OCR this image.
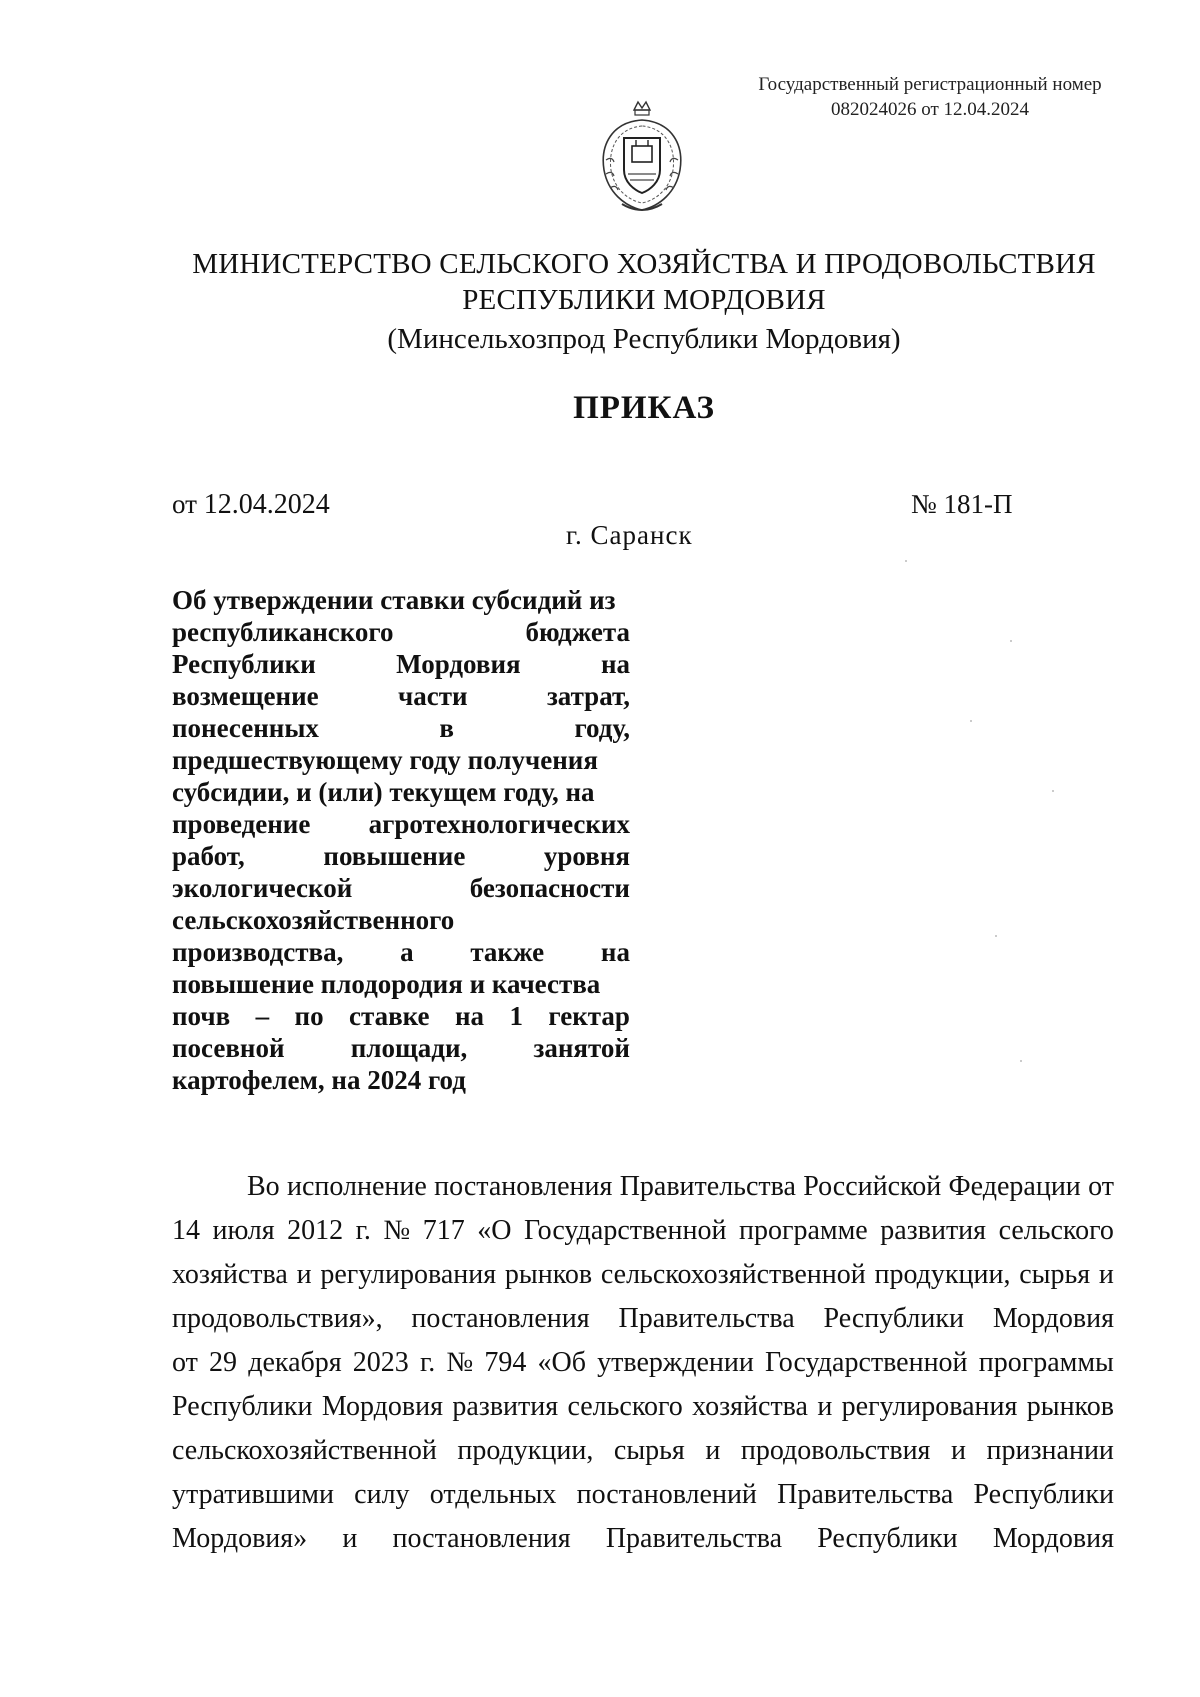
Государственный регистрационный номер
082024026 от 12.04.2024
МИНИСТЕРСТВО СЕЛЬСКОГО ХОЗЯЙСТВА И ПРОДОВОЛЬСТВИЯ
РЕСПУБЛИКИ МОРДОВИЯ
(Минсельхозпрод Республики Мордовия)
ПРИКАЗ
от 12.04.2024	№ 181-П
г. Саранск
Об утверждении ставки субсидий из
республиканского	бюджета
Республики	Мордовия	на
возмещение	части	затрат,
понесенных	в	году,
предшествующему году получения
субсидии, и (или) текущем году, на
проведение агротехнологических
работ,	повышение	уровня
экологической	безопасности
сельскохозяйственного
производства, а также на
повышение плодородия и качества
почв – по ставке на 1 гектар
посевной площади, занятой
картофелем, на 2024 год
Во исполнение постановления Правительства Российской Федерации от
14 июля 2012 г. № 717 «О Государственной программе развития сельского
хозяйства и регулирования рынков сельскохозяйственной продукции, сырья и
продовольствия», постановления Правительства Республики Мордовия
от 29 декабря 2023 г. № 794 «Об утверждении Государственной программы
Республики Мордовия развития сельского хозяйства и регулирования рынков
сельскохозяйственной продукции, сырья и продовольствия и признании
утратившими силу отдельных постановлений Правительства Республики
Мордовия» и постановления Правительства Республики Мордовия
